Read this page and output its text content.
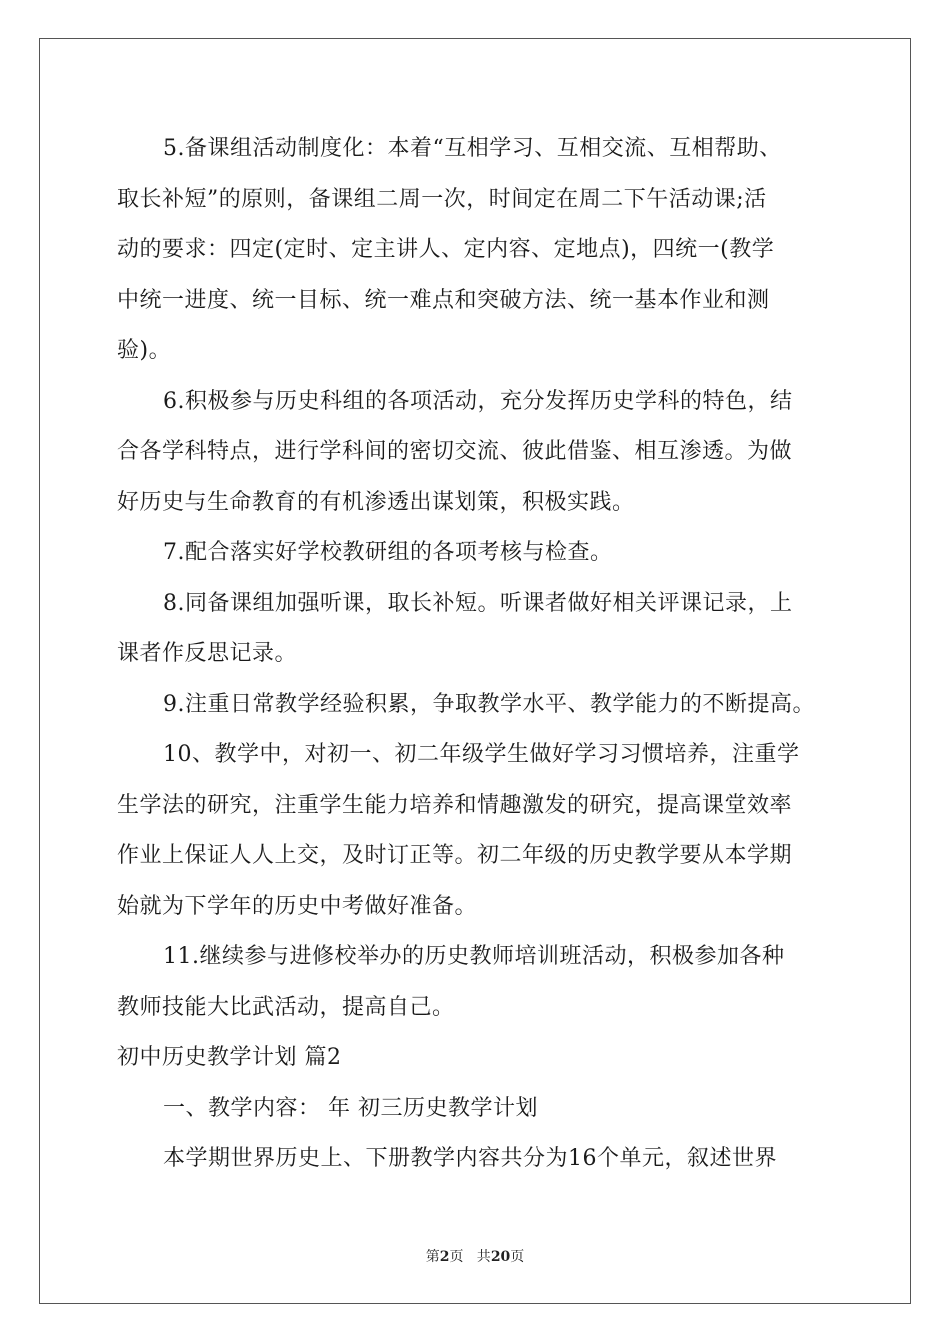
5.备课组活动制度化：本着“互相学习、互相交流、互相帮助、
取长补短”的原则，备课组二周一次，时间定在周二下午活动课;活
动的要求：四定(定时、定主讲人、定内容、定地点)，四统一(教学
中统一进度、统一目标、统一难点和突破方法、统一基本作业和测
验)。
6.积极参与历史科组的各项活动，充分发挥历史学科的特色，结
合各学科特点，进行学科间的密切交流、彼此借鉴、相互渗透。为做
好历史与生命教育的有机渗透出谋划策，积极实践。
7.配合落实好学校教研组的各项考核与检查。
8.同备课组加强听课，取长补短。听课者做好相关评课记录，上
课者作反思记录。
9.注重日常教学经验积累，争取教学水平、教学能力的不断提高。
10、教学中，对初一、初二年级学生做好学习习惯培养，注重学
生学法的研究，注重学生能力培养和情趣激发的研究，提高课堂效率
作业上保证人人上交，及时订正等。初二年级的历史教学要从本学期
始就为下学年的历史中考做好准备。
11.继续参与进修校举办的历史教师培训班活动，积极参加各种
教师技能大比武活动，提高自己。
初中历史教学计划 篇2
一、教学内容： 年 初三历史教学计划
本学期世界历史上、下册教学内容共分为16个单元，叙述世界
第2页   共20页
